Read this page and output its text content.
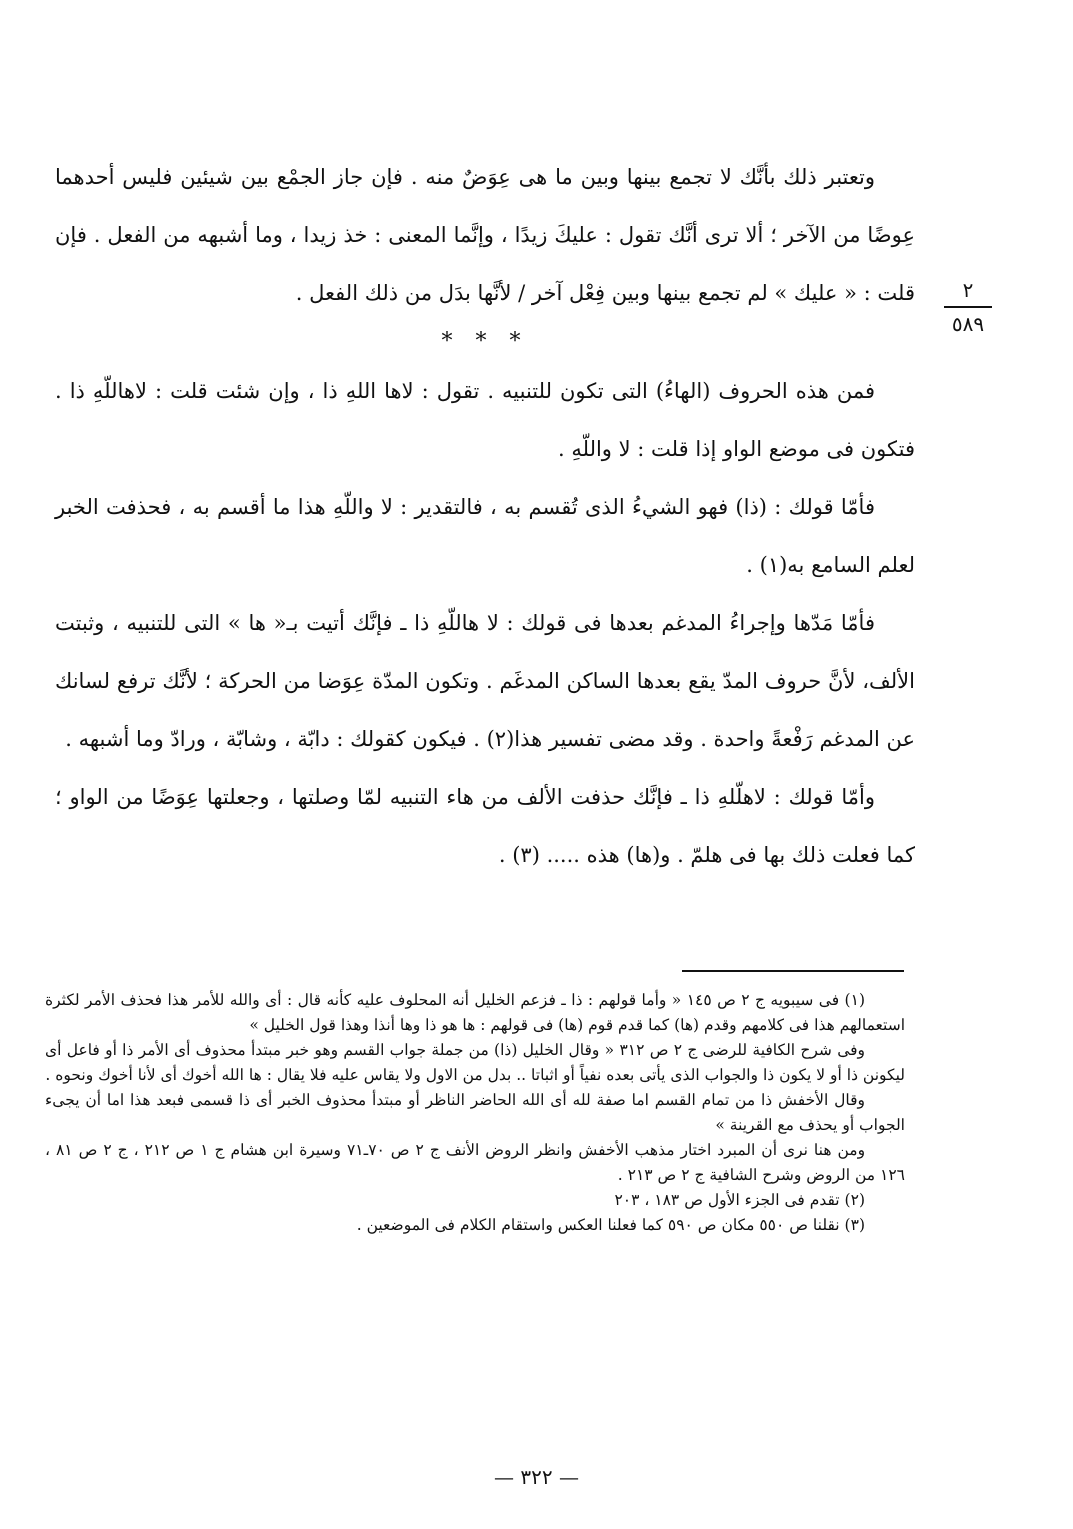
٢
٥٨٩

وتعتبر ذلك بأنَّك لا تجمع بينها وبين ما هى عِوَضٌ منه . فإن جاز الجمْع بين شيئين فليس أحدهما عِوضًا من الآخر ؛ ألا ترى أنَّك تقول : عليكَ زيدًا ، وإنَّما المعنى : خذ زيدا ، وما أشبهه من الفعل . فإن قلت : « عليك » لم تجمع بينها وبين فِعْل آخر / لأنَّها بدَل من ذلك الفعل .

* * *

فمن هذه الحروف (الهاءُ) التى تكون للتنبيه . تقول : لاها اللهِ ذا ، وإن شئت قلت : لاهاللّهِ ذا . فتكون فى موضع الواو إذا قلت : لا واللّهِ .

فأمّا قولك : (ذا) فهو الشيءُ الذى تُقسم به ، فالتقدير : لا واللّهِ هذا ما أقسم به ، فحذفت الخبر لعلم السامع به(١) .

فأمّا مَدّها وإجراءُ المدغم بعدها فى قولك : لا هاللّهِ ذا ـ فإنَّك أتيت بـ« ها » التى للتنبيه ، وثبتت الألف، لأنَّ حروف المدّ يقع بعدها الساكن المدغَم . وتكون المدّة عِوَضا من الحركة ؛ لأنَّك ترفع لسانك عن المدغم رَفْعةً واحدة . وقد مضى تفسير هذا(٢) . فيكون كقولك : دابّة ، وشابّة ، ورادّ وما أشبهه .

وأمّا قولك : لاهلّلهِ ذا ـ فإنَّك حذفت الألف من هاء التنبيه لمّا وصلتها ، وجعلتها عِوَضًا من الواو ؛ كما فعلت ذلك بها فى هلمّ . و(ها) هذه ..... (٣) .

(١) فى سيبويه ج ٢ ص ١٤٥ « وأما قولهم : ذا ـ فزعم الخليل أنه المحلوف عليه كأنه قال : أى والله للأمر هذا فحذف الأمر لكثرة استعمالهم هذا فى كلامهم وقدم (ها) كما قدم قوم (ها) فى قولهم : ها هو ذا وها أنذا وهذا قول الخليل »

وفى شرح الكافية للرضى ج ٢ ص ٣١٢ « وقال الخليل (ذا) من جملة جواب القسم وهو خبر مبتدأ محذوف أى الأمر ذا أو فاعل أى ليكونن ذا أو لا يكون ذا والجواب الذى يأتى بعده نفياً أو اثباتا .. بدل من الاول ولا يقاس عليه فلا يقال : ها الله أخوك أى لأنا أخوك ونحوه .

وقال الأخفش ذا من تمام القسم اما صفة لله أى الله الحاضر الناظر أو مبتدأ محذوف الخبر أى ذا قسمى فبعد هذا اما أن يجىء الجواب أو يحذف مع القرينة »

ومن هنا نرى أن المبرد اختار مذهب الأخفش وانظر الروض الأنف ج ٢ ص ٧٠ـ٧١ وسيرة ابن هشام ج ١ ص ٢١٢ ، ج ٢ ص ٨١ ، ١٢٦ من الروض وشرح الشافية ج ٢ ص ٢١٣ .

(٢) تقدم فى الجزء الأول ص ١٨٣ ، ٢٠٣

(٣) نقلنا ص ٥٥٠ مكان ص ٥٩٠ كما فعلنا العكس واستقام الكلام فى الموضعين .

— ٣٢٢ —
